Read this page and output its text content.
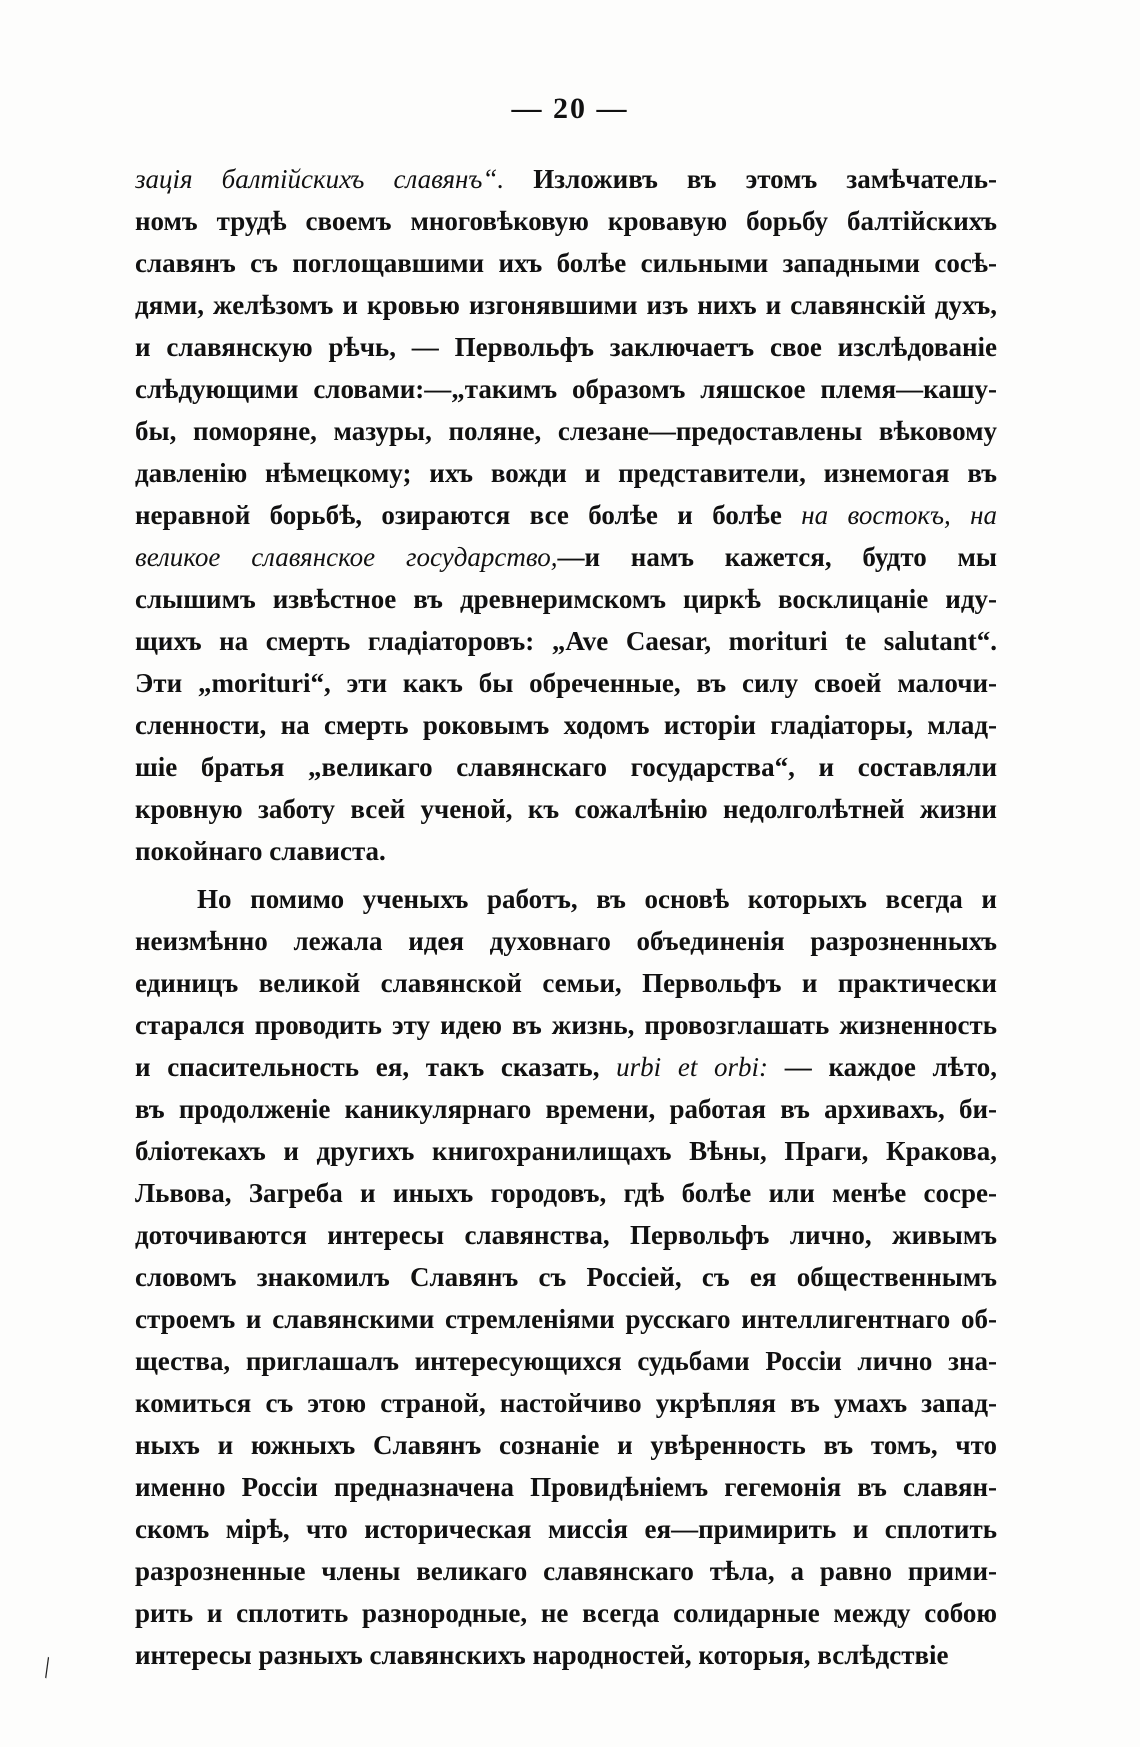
— 20 —
зація балтійскихъ славянъ“. Изложивъ въ этомъ замѣчатель-
номъ трудѣ своемъ многовѣковую кровавую борьбу балтійскихъ
славянъ съ поглощавшими ихъ болѣе сильными западными сосѣ-
дями, желѣзомъ и кровью изгонявшими изъ нихъ и славянскій духъ,
и славянскую рѣчь, — Первольфъ заключаетъ свое изслѣдованіе
слѣдующими словами:—„такимъ образомъ ляшское племя—кашу-
бы, поморяне, мазуры, поляне, слезане—предоставлены вѣковому
давленію нѣмецкому; ихъ вожди и представители, изнемогая въ
неравной борьбѣ, озираются все болѣе и болѣе на востокъ, на
великое славянское государство,—и намъ кажется, будто мы
слышимъ извѣстное въ древнеримскомъ циркѣ восклицаніе иду-
щихъ на смерть гладіаторовъ: „Ave Caesar, morituri te salutant“.
Эти „morituri“, эти какъ бы обреченные, въ силу своей малочи-
сленности, на смерть роковымъ ходомъ исторіи гладіаторы, млад-
шіе братья „великаго славянскаго государства“, и составляли
кровную заботу всей ученой, къ сожалѣнію недолголѣтней жизни
покойнаго слависта.
Но помимо ученыхъ работъ, въ основѣ которыхъ всегда и
неизмѣнно лежала идея духовнаго объединенія разрозненныхъ
единицъ великой славянской семьи, Первольфъ и практически
старался проводить эту идею въ жизнь, провозглашать жизненность
и спасительность ея, такъ сказать, urbi et orbi: — каждое лѣто,
въ продолженіе каникулярнаго времени, работая въ архивахъ, би-
бліотекахъ и другихъ книгохранилищахъ Вѣны, Праги, Кракова,
Львова, Загреба и иныхъ городовъ, гдѣ болѣе или менѣе сосре-
доточиваются интересы славянства, Первольфъ лично, живымъ
словомъ знакомилъ Славянъ съ Россіей, съ ея общественнымъ
строемъ и славянскими стремленіями русскаго интеллигентнаго об-
щества, приглашалъ интересующихся судьбами Россіи лично зна-
комиться съ этою страной, настойчиво укрѣпляя въ умахъ запад-
ныхъ и южныхъ Славянъ сознаніе и увѣренность въ томъ, что
именно Россіи предназначена Провидѣніемъ гегемонія въ славян-
скомъ мірѣ, что историческая миссія ея—примирить и сплотить
разрозненные члены великаго славянскаго тѣла, а равно прими-
рить и сплотить разнородные, не всегда солидарные между собою
интересы разныхъ славянскихъ народностей, которыя, вслѣдствіе
╲
